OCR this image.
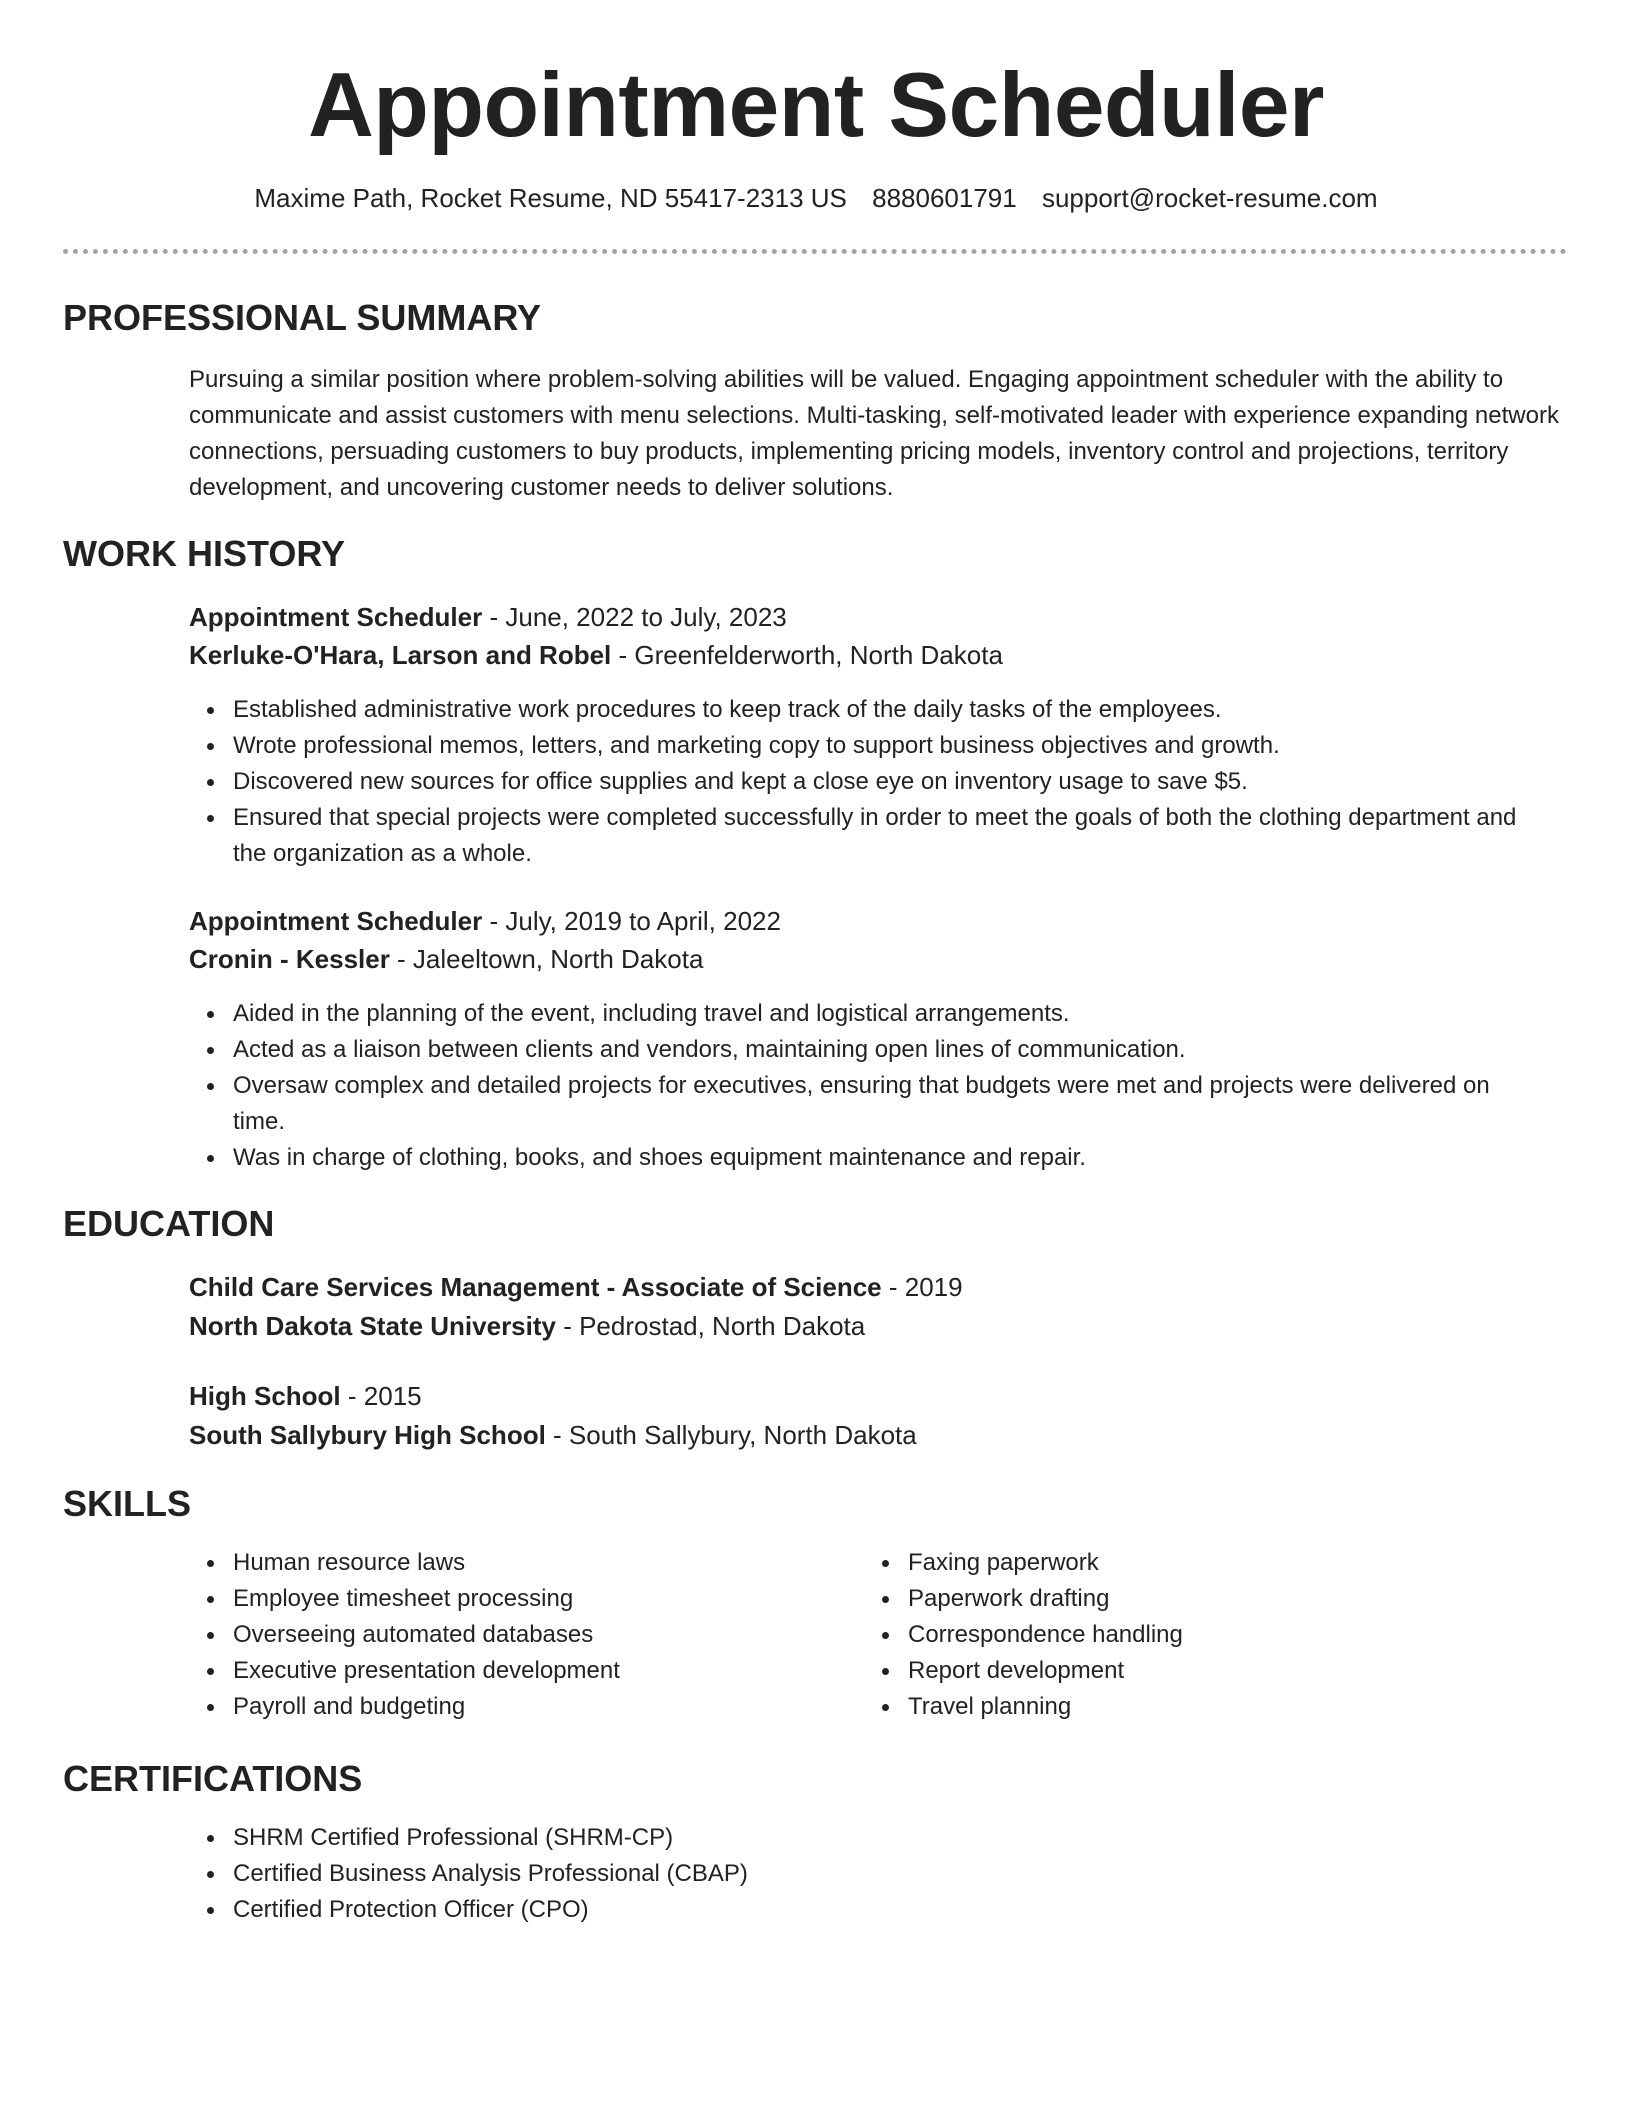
Appointment Scheduler
Maxime Path, Rocket Resume, ND 55417-2313 US 8880601791 support@rocket-resume.com
PROFESSIONAL SUMMARY

Pursuing a similar position where problem-solving abilities will be valued. Engaging appointment scheduler with the ability to communicate and assist customers with menu selections. Multi-tasking, self-motivated leader with experience expanding network connections, persuading customers to buy products, implementing pricing models, inventory control and projections, territory development, and uncovering customer needs to deliver solutions.

WORK HISTORY
Appointment Scheduler - June, 2022 to July, 2023
Kerluke-O'Hara, Larson and Robel - Greenfelderworth, North Dakota
Established administrative work procedures to keep track of the daily tasks of the employees.
Wrote professional memos, letters, and marketing copy to support business objectives and growth.
Discovered new sources for office supplies and kept a close eye on inventory usage to save $5.
Ensured that special projects were completed successfully in order to meet the goals of both the clothing department and the organization as a whole.
Appointment Scheduler - July, 2019 to April, 2022
Cronin - Kessler - Jaleeltown, North Dakota
Aided in the planning of the event, including travel and logistical arrangements.
Acted as a liaison between clients and vendors, maintaining open lines of communication.
Oversaw complex and detailed projects for executives, ensuring that budgets were met and projects were delivered on time.
Was in charge of clothing, books, and shoes equipment maintenance and repair.
EDUCATION
Child Care Services Management - Associate of Science - 2019
North Dakota State University - Pedrostad, North Dakota
High School - 2015
South Sallybury High School - South Sallybury, North Dakota
SKILLS
Human resource laws
Employee timesheet processing
Overseeing automated databases
Executive presentation development
Payroll and budgeting
Faxing paperwork
Paperwork drafting
Correspondence handling
Report development
Travel planning
CERTIFICATIONS
SHRM Certified Professional (SHRM-CP)
Certified Business Analysis Professional (CBAP)
Certified Protection Officer (CPO)
